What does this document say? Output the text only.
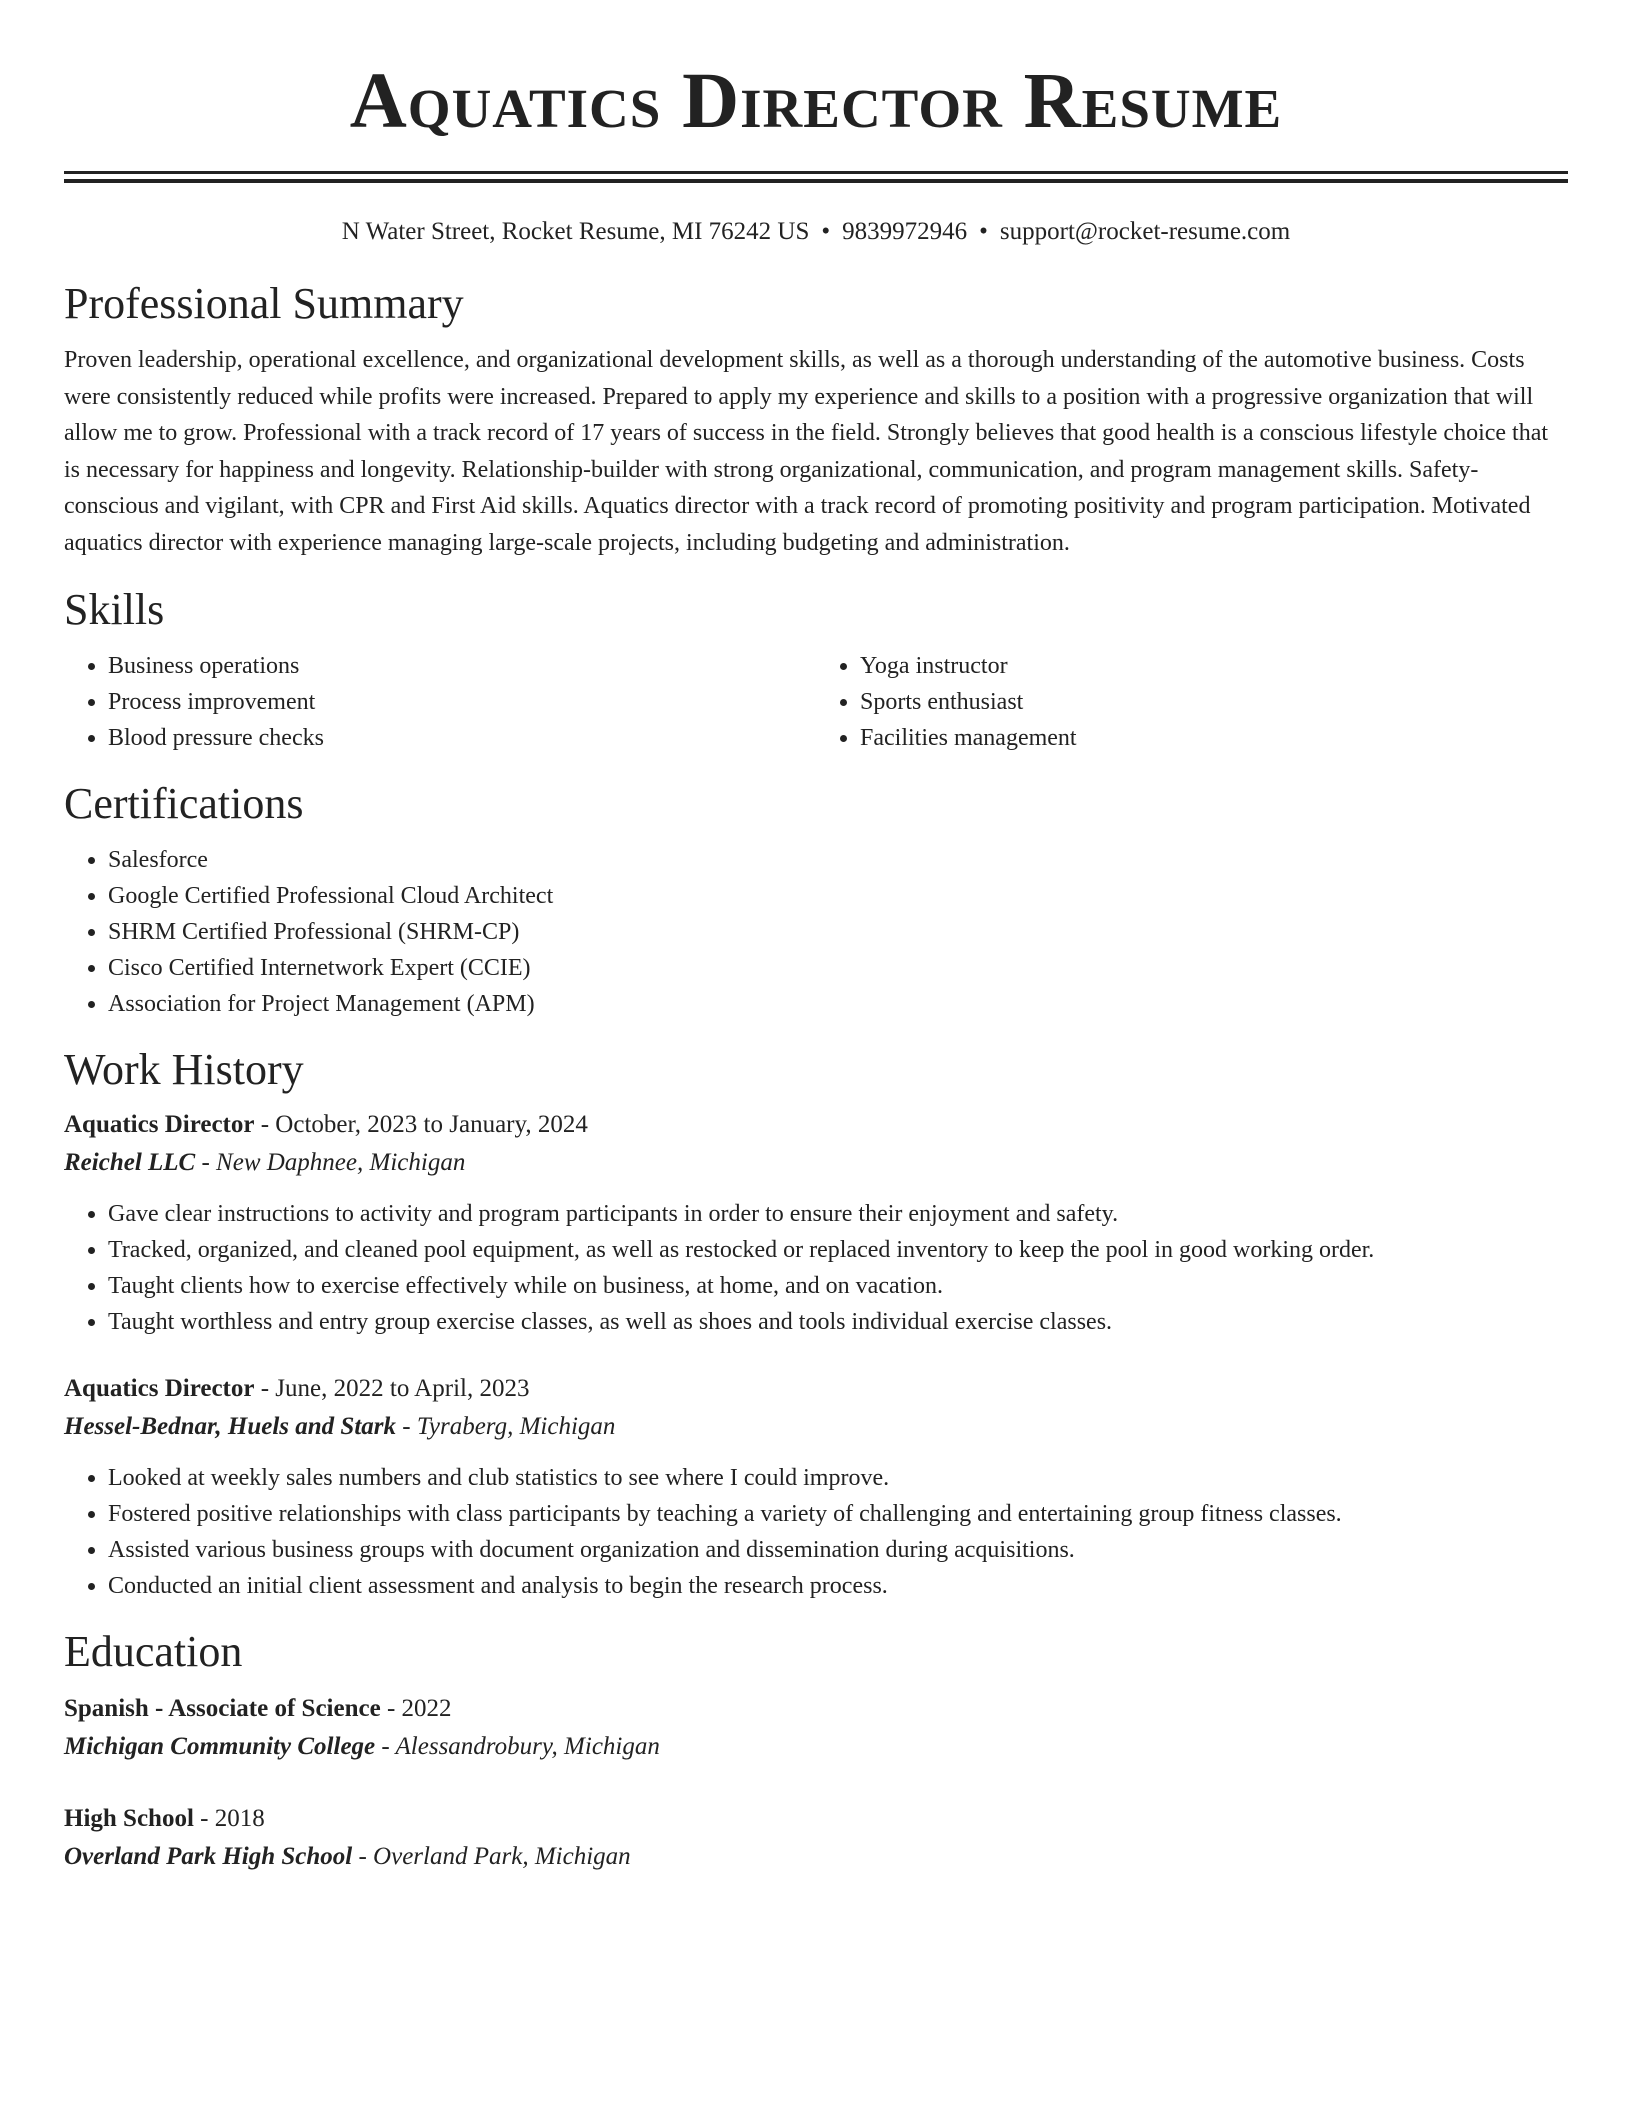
Aquatics Director Resume
N Water Street, Rocket Resume, MI 76242 US • 9839972946 • support@rocket-resume.com
Professional Summary

Proven leadership, operational excellence, and organizational development skills, as well as a thorough understanding of the automotive business. Costs were consistently reduced while profits were increased. Prepared to apply my experience and skills to a position with a progressive organization that will allow me to grow. Professional with a track record of 17 years of success in the field. Strongly believes that good health is a conscious lifestyle choice that is necessary for happiness and longevity. Relationship-builder with strong organizational, communication, and program management skills. Safety-conscious and vigilant, with CPR and First Aid skills. Aquatics director with a track record of promoting positivity and program participation. Motivated aquatics director with experience managing large-scale projects, including budgeting and administration.

Skills
• Business operations
• Process improvement
• Blood pressure checks
• Yoga instructor
• Sports enthusiast
• Facilities management
Certifications
• Salesforce
• Google Certified Professional Cloud Architect
• SHRM Certified Professional (SHRM-CP)
• Cisco Certified Internetwork Expert (CCIE)
• Association for Project Management (APM)
Work History
Aquatics Director - October, 2023 to January, 2024
Reichel LLC - New Daphnee, Michigan
• Gave clear instructions to activity and program participants in order to ensure their enjoyment and safety.
• Tracked, organized, and cleaned pool equipment, as well as restocked or replaced inventory to keep the pool in good working order.
• Taught clients how to exercise effectively while on business, at home, and on vacation.
• Taught worthless and entry group exercise classes, as well as shoes and tools individual exercise classes.
Aquatics Director - June, 2022 to April, 2023
Hessel-Bednar, Huels and Stark - Tyraberg, Michigan
• Looked at weekly sales numbers and club statistics to see where I could improve.
• Fostered positive relationships with class participants by teaching a variety of challenging and entertaining group fitness classes.
• Assisted various business groups with document organization and dissemination during acquisitions.
• Conducted an initial client assessment and analysis to begin the research process.
Education
Spanish - Associate of Science - 2022
Michigan Community College - Alessandrobury, Michigan
High School - 2018
Overland Park High School - Overland Park, Michigan
